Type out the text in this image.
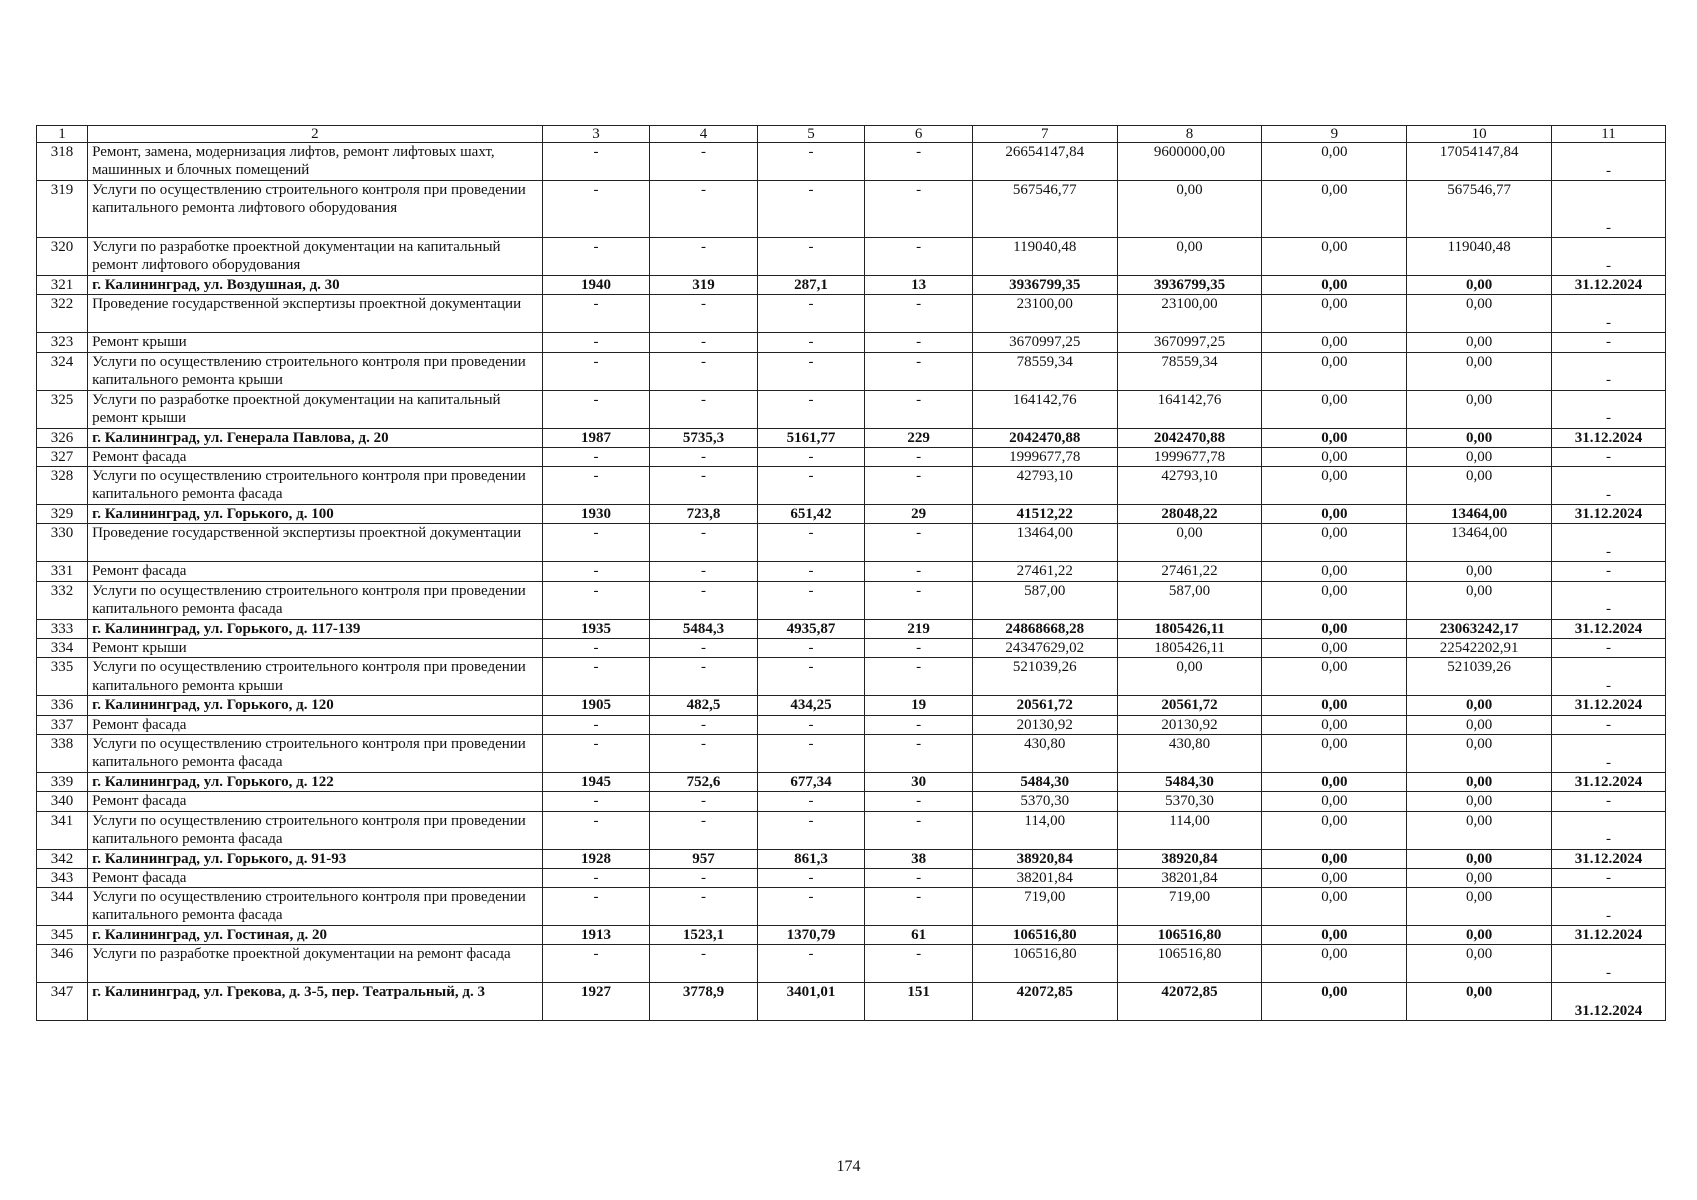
1	2	3	4	5	6	7	8	9	10	11
318	Ремонт, замена, модернизация лифтов, ремонт лифтовых шахт, машинных и блочных помещений	-	-	-	-	26654147,84	9600000,00	0,00	17054147,84	-
319	Услуги по осуществлению строительного контроля при проведении капитального ремонта лифтового оборудования	-	-	-	-	567546,77	0,00	0,00	567546,77	-
320	Услуги по разработке проектной документации на капитальный ремонт лифтового оборудования	-	-	-	-	119040,48	0,00	0,00	119040,48	-
321	г. Калининград, ул. Воздушная, д. 30	1940	319	287,1	13	3936799,35	3936799,35	0,00	0,00	31.12.2024
322	Проведение государственной экспертизы проектной документации	-	-	-	-	23100,00	23100,00	0,00	0,00	-
323	Ремонт крыши	-	-	-	-	3670997,25	3670997,25	0,00	0,00	-
324	Услуги по осуществлению строительного контроля при проведении капитального ремонта крыши	-	-	-	-	78559,34	78559,34	0,00	0,00	-
325	Услуги по разработке проектной документации на капитальный ремонт крыши	-	-	-	-	164142,76	164142,76	0,00	0,00	-
326	г. Калининград, ул. Генерала Павлова, д. 20	1987	5735,3	5161,77	229	2042470,88	2042470,88	0,00	0,00	31.12.2024
327	Ремонт фасада	-	-	-	-	1999677,78	1999677,78	0,00	0,00	-
328	Услуги по осуществлению строительного контроля при проведении капитального ремонта фасада	-	-	-	-	42793,10	42793,10	0,00	0,00	-
329	г. Калининград, ул. Горького, д. 100	1930	723,8	651,42	29	41512,22	28048,22	0,00	13464,00	31.12.2024
330	Проведение государственной экспертизы проектной документации	-	-	-	-	13464,00	0,00	0,00	13464,00	-
331	Ремонт фасада	-	-	-	-	27461,22	27461,22	0,00	0,00	-
332	Услуги по осуществлению строительного контроля при проведении капитального ремонта фасада	-	-	-	-	587,00	587,00	0,00	0,00	-
333	г. Калининград, ул. Горького, д. 117-139	1935	5484,3	4935,87	219	24868668,28	1805426,11	0,00	23063242,17	31.12.2024
334	Ремонт крыши	-	-	-	-	24347629,02	1805426,11	0,00	22542202,91	-
335	Услуги по осуществлению строительного контроля при проведении капитального ремонта крыши	-	-	-	-	521039,26	0,00	0,00	521039,26	-
336	г. Калининград, ул. Горького, д. 120	1905	482,5	434,25	19	20561,72	20561,72	0,00	0,00	31.12.2024
337	Ремонт фасада	-	-	-	-	20130,92	20130,92	0,00	0,00	-
338	Услуги по осуществлению строительного контроля при проведении капитального ремонта фасада	-	-	-	-	430,80	430,80	0,00	0,00	-
339	г. Калининград, ул. Горького, д. 122	1945	752,6	677,34	30	5484,30	5484,30	0,00	0,00	31.12.2024
340	Ремонт фасада	-	-	-	-	5370,30	5370,30	0,00	0,00	-
341	Услуги по осуществлению строительного контроля при проведении капитального ремонта фасада	-	-	-	-	114,00	114,00	0,00	0,00	-
342	г. Калининград, ул. Горького, д. 91-93	1928	957	861,3	38	38920,84	38920,84	0,00	0,00	31.12.2024
343	Ремонт фасада	-	-	-	-	38201,84	38201,84	0,00	0,00	-
344	Услуги по осуществлению строительного контроля при проведении капитального ремонта фасада	-	-	-	-	719,00	719,00	0,00	0,00	-
345	г. Калининград, ул. Гостиная, д. 20	1913	1523,1	1370,79	61	106516,80	106516,80	0,00	0,00	31.12.2024
346	Услуги по разработке проектной документации на ремонт фасада	-	-	-	-	106516,80	106516,80	0,00	0,00	-
347	г. Калининград, ул. Грекова, д. 3-5, пер. Театральный, д. 3	1927	3778,9	3401,01	151	42072,85	42072,85	0,00	0,00	31.12.2024
174
